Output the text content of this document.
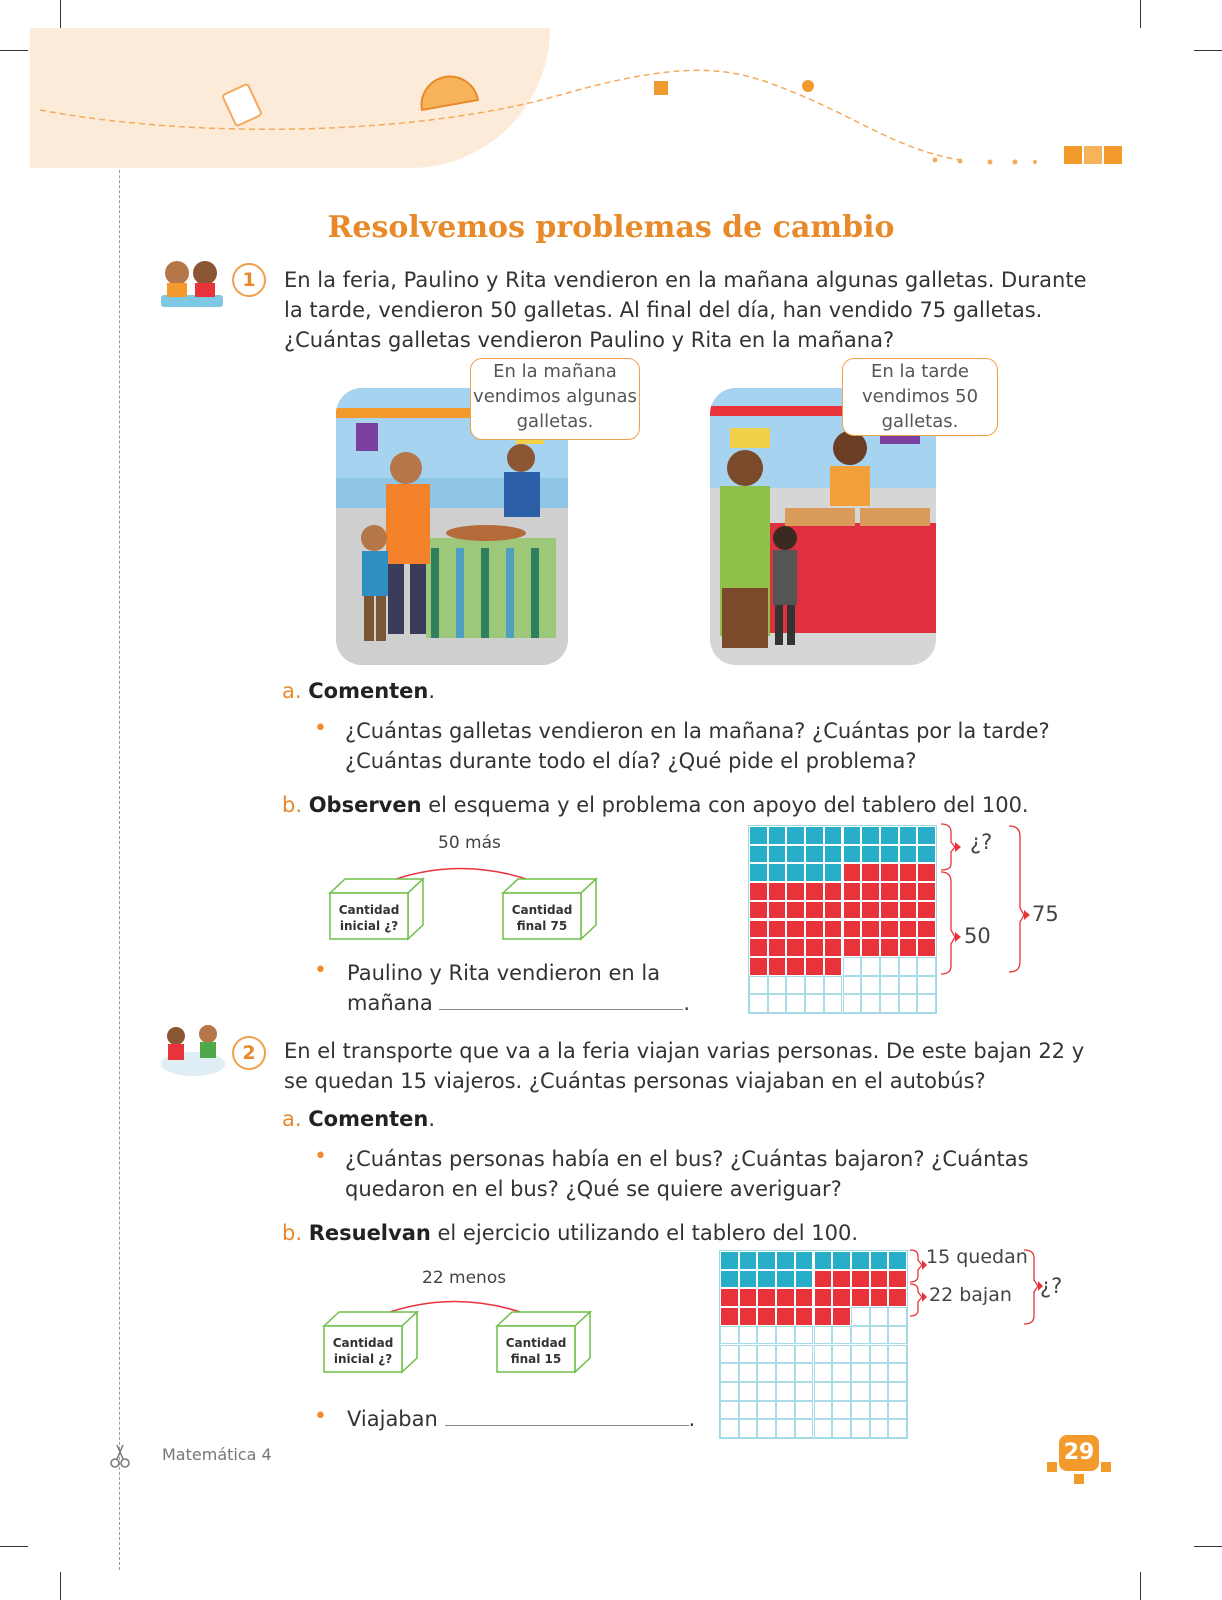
Resolvemos problemas de cambio
1	En la feria, Paulino y Rita vendieron en la mañana algunas galletas. Durante
la tarde, vendieron 50 galletas. Al final del día, han vendido 75 galletas.
¿Cuántas galletas vendieron Paulino y Rita en la mañana?
En la mañana
vendimos algunas
galletas.
En la tarde
vendimos 50
galletas.
a. Comenten.
• ¿Cuántas galletas vendieron en la mañana? ¿Cuántas por la tarde?
¿Cuántas durante todo el día? ¿Qué pide el problema?
b. Observen el esquema y el problema con apoyo del tablero del 100.
50 más
Cantidad
inicial ¿?
Cantidad
final 75
• Paulino y Rita vendieron en la
mañana	.
¿?
50
75
2	En el transporte que va a la feria viajan varias personas. De este bajan 22 y
se quedan 15 viajeros. ¿Cuántas personas viajaban en el autobús?
a. Comenten.
• ¿Cuántas personas había en el bus? ¿Cuántas bajaron? ¿Cuántas
quedaron en el bus? ¿Qué se quiere averiguar?
b. Resuelvan el ejercicio utilizando el tablero del 100.
22 menos
Cantidad
inicial ¿?
Cantidad
final 15
• Viajaban	.
15 quedan
22 bajan ¿?
Matemática 4	29
